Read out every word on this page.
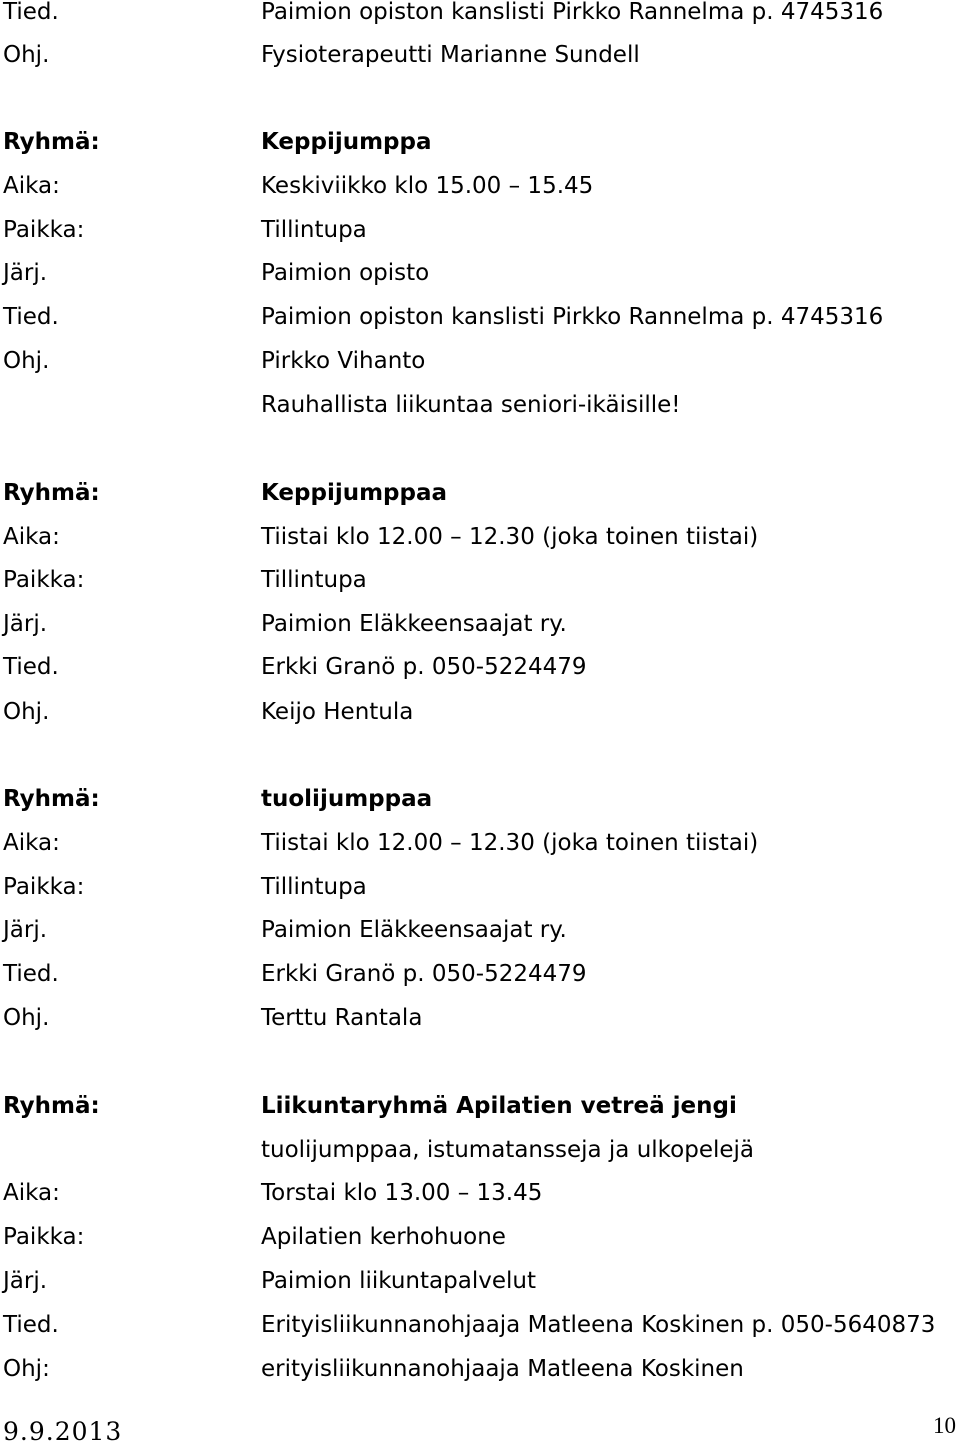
Tied.	Paimion opiston kanslisti Pirkko Rannelma p. 4745316
Ohj.	Fysioterapeutti Marianne Sundell
Ryhmä:	Keppijumppa
Aika:	Keskiviikko klo 15.00 – 15.45
Paikka:	Tillintupa
Järj.	Paimion opisto
Tied.	Paimion opiston kanslisti Pirkko Rannelma p. 4745316
Ohj.	Pirkko Vihanto
Rauhallista liikuntaa seniori-ikäisille!
Ryhmä:	Keppijumppaa
Aika:	Tiistai klo 12.00 – 12.30 (joka toinen tiistai)
Paikka:	Tillintupa
Järj.	Paimion Eläkkeensaajat ry.
Tied.	Erkki Granö p. 050-5224479
Ohj.	Keijo Hentula
Ryhmä:	tuolijumppaa
Aika:	Tiistai klo 12.00 – 12.30 (joka toinen tiistai)
Paikka:	Tillintupa
Järj.	Paimion Eläkkeensaajat ry.
Tied.	Erkki Granö p. 050-5224479
Ohj.	Terttu Rantala
Ryhmä:	Liikuntaryhmä Apilatien vetreä jengi
tuolijumppaa, istumatansseja ja ulkopelejä
Aika:	Torstai klo 13.00 – 13.45
Paikka:	Apilatien kerhohuone
Järj.	Paimion liikuntapalvelut
Tied.	Erityisliikunnanohjaaja Matleena Koskinen p. 050-5640873
Ohj:	erityisliikunnanohjaaja Matleena Koskinen
9.9.2013	10
